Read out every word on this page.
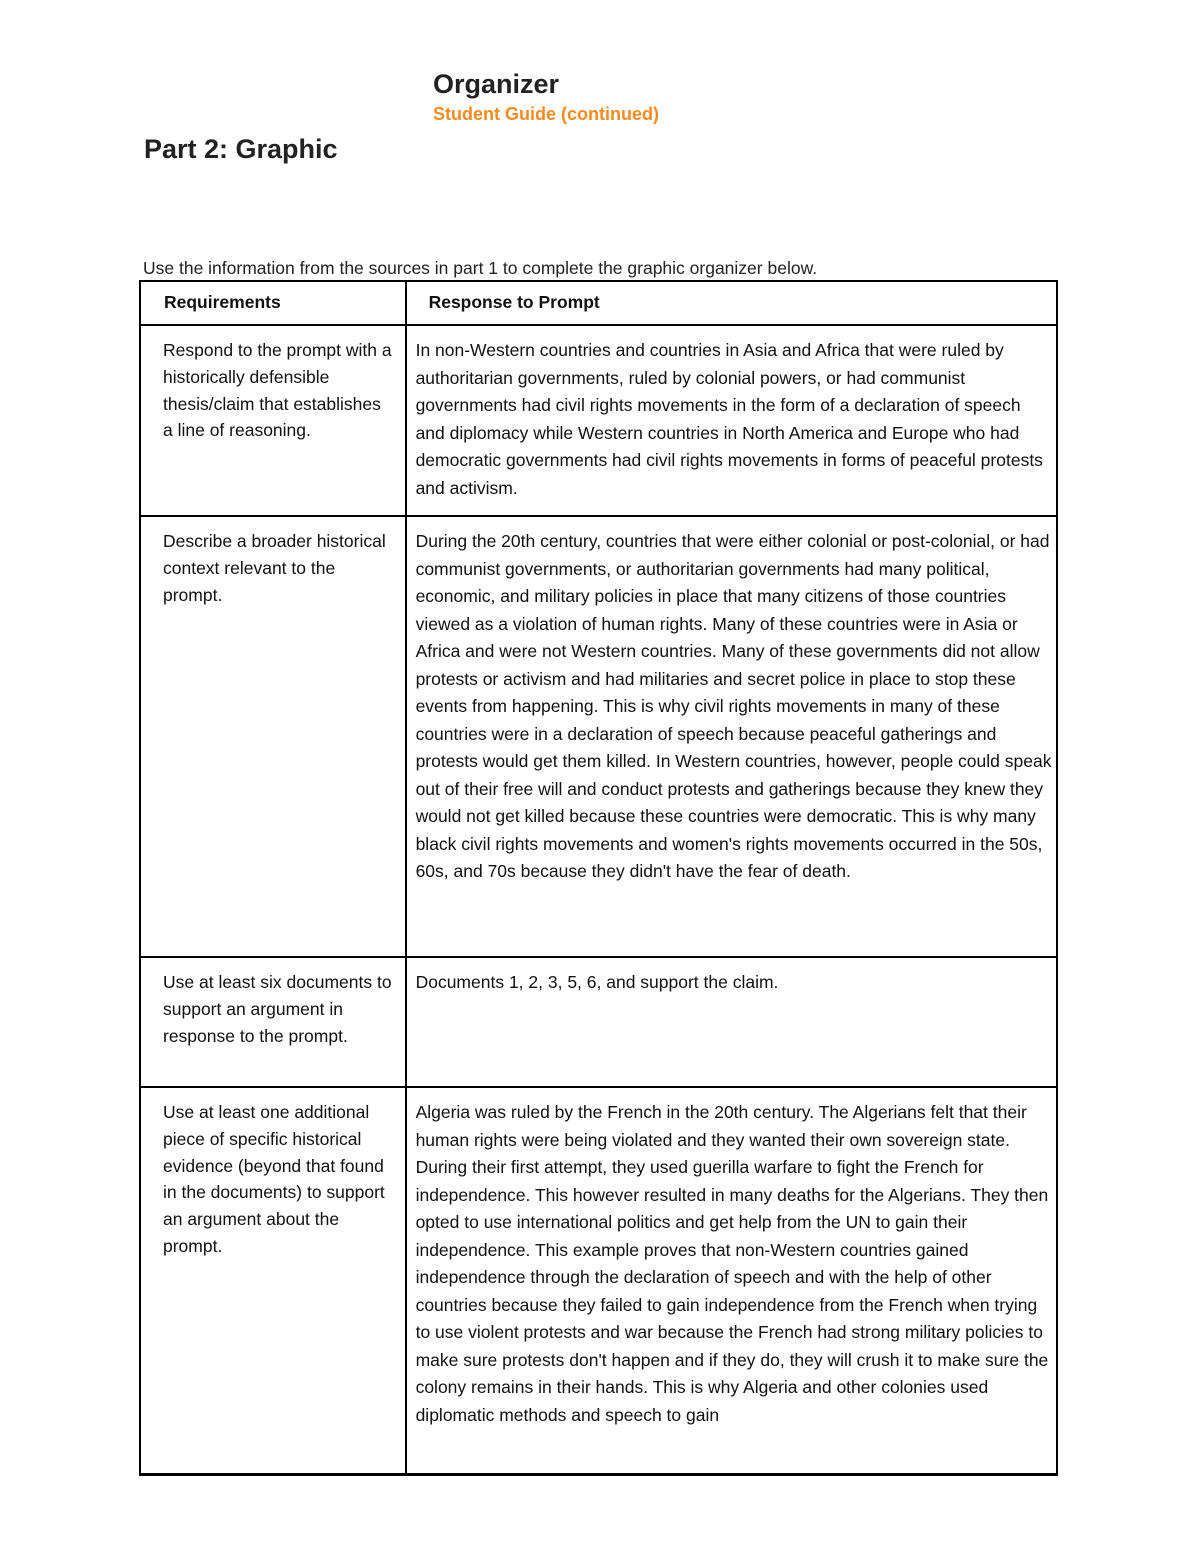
Organizer
Student Guide (continued)
Part 2: Graphic
Use the information from the sources in part 1 to complete the graphic organizer below.
Requirements	Response to Prompt
Respond to the prompt with a historically defensible thesis/claim that establishes a line of reasoning.	In non-Western countries and countries in Asia and Africa that were ruled by authoritarian governments, ruled by colonial powers, or had communist governments had civil rights movements in the form of a declaration of speech and diplomacy while Western countries in North America and Europe who had democratic governments had civil rights movements in forms of peaceful protests and activism.
Describe a broader historical context relevant to the prompt.	During the 20th century, countries that were either colonial or post-colonial, or had communist governments, or authoritarian governments had many political, economic, and military policies in place that many citizens of those countries viewed as a violation of human rights. Many of these countries were in Asia or Africa and were not Western countries. Many of these governments did not allow protests or activism and had militaries and secret police in place to stop these events from happening. This is why civil rights movements in many of these countries were in a declaration of speech because peaceful gatherings and protests would get them killed. In Western countries, however, people could speak out of their free will and conduct protests and gatherings because they knew they would not get killed because these countries were democratic. This is why many black civil rights movements and women's rights movements occurred in the 50s, 60s, and 70s because they didn't have the fear of death.
Use at least six documents to support an argument in response to the prompt.	Documents 1, 2, 3, 5, 6, and support the claim.
Use at least one additional piece of specific historical evidence (beyond that found in the documents) to support an argument about the prompt.	Algeria was ruled by the French in the 20th century. The Algerians felt that their human rights were being violated and they wanted their own sovereign state. During their first attempt, they used guerilla warfare to fight the French for independence. This however resulted in many deaths for the Algerians. They then opted to use international politics and get help from the UN to gain their independence. This example proves that non-Western countries gained independence through the declaration of speech and with the help of other countries because they failed to gain independence from the French when trying to use violent protests and war because the French had strong military policies to make sure protests don't happen and if they do, they will crush it to make sure the colony remains in their hands. This is why Algeria and other colonies used diplomatic methods and speech to gain
